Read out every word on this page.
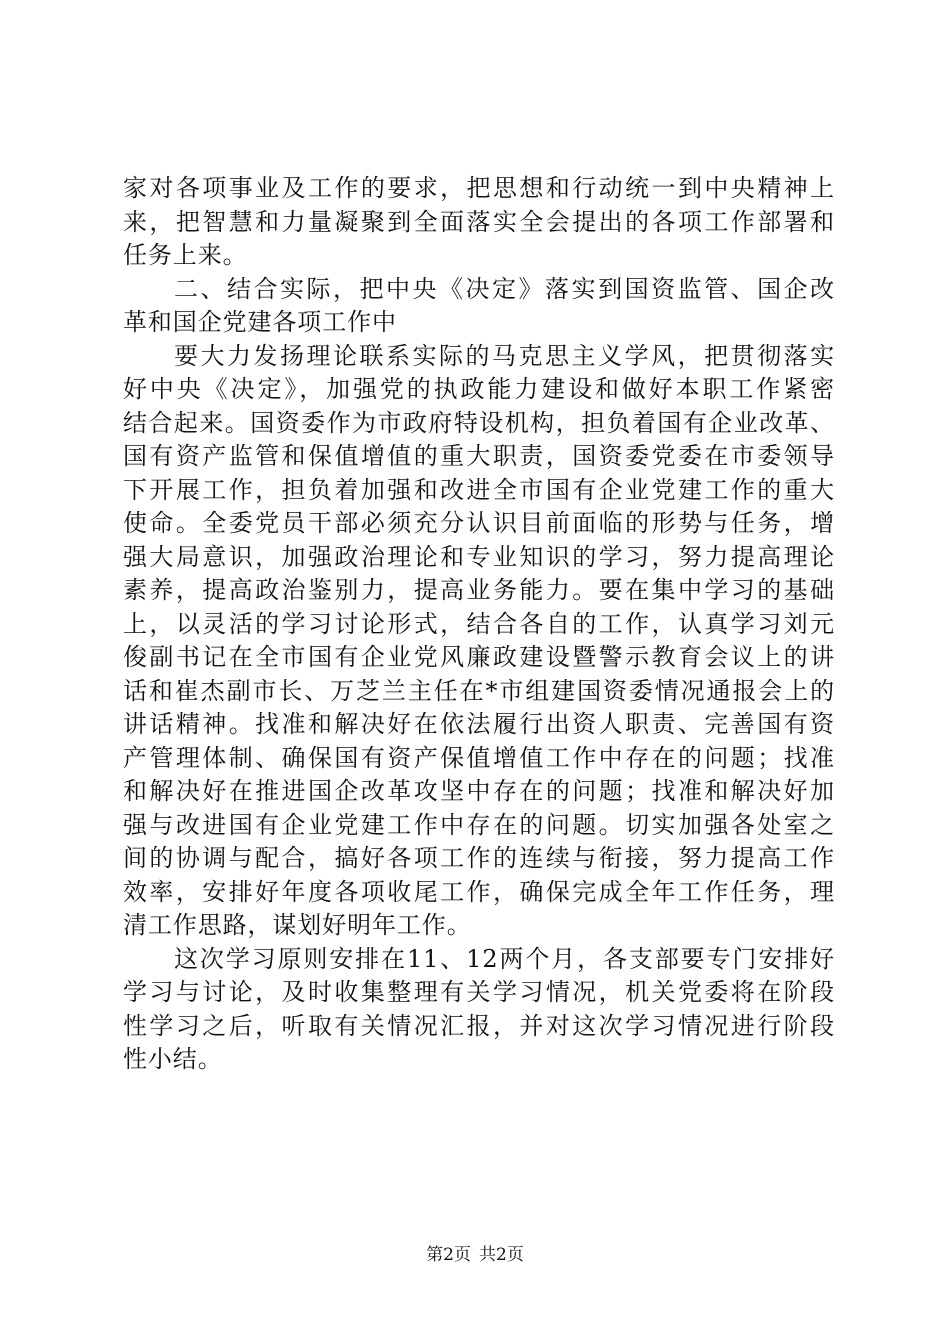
家对各项事业及工作的要求，把思想和行动统一到中央精神上
来，把智慧和力量凝聚到全面落实全会提出的各项工作部署和
任务上来。
二、结合实际，把中央《决定》落实到国资监管、国企改
革和国企党建各项工作中
要大力发扬理论联系实际的马克思主义学风，把贯彻落实
好中央《决定》，加强党的执政能力建设和做好本职工作紧密
结合起来。国资委作为市政府特设机构，担负着国有企业改革、
国有资产监管和保值增值的重大职责，国资委党委在市委领导
下开展工作，担负着加强和改进全市国有企业党建工作的重大
使命。全委党员干部必须充分认识目前面临的形势与任务，增
强大局意识，加强政治理论和专业知识的学习，努力提高理论
素养，提高政治鉴别力，提高业务能力。要在集中学习的基础
上，以灵活的学习讨论形式，结合各自的工作，认真学习刘元
俊副书记在全市国有企业党风廉政建设暨警示教育会议上的讲
话和崔杰副市长、万芝兰主任在*市组建国资委情况通报会上的
讲话精神。找准和解决好在依法履行出资人职责、完善国有资
产管理体制、确保国有资产保值增值工作中存在的问题；找准
和解决好在推进国企改革攻坚中存在的问题；找准和解决好加
强与改进国有企业党建工作中存在的问题。切实加强各处室之
间的协调与配合，搞好各项工作的连续与衔接，努力提高工作
效率，安排好年度各项收尾工作，确保完成全年工作任务，理
清工作思路，谋划好明年工作。
这次学习原则安排在11、12两个月，各支部要专门安排好
学习与讨论，及时收集整理有关学习情况，机关党委将在阶段
性学习之后，听取有关情况汇报，并对这次学习情况进行阶段
性小结。
第2页 共2页
